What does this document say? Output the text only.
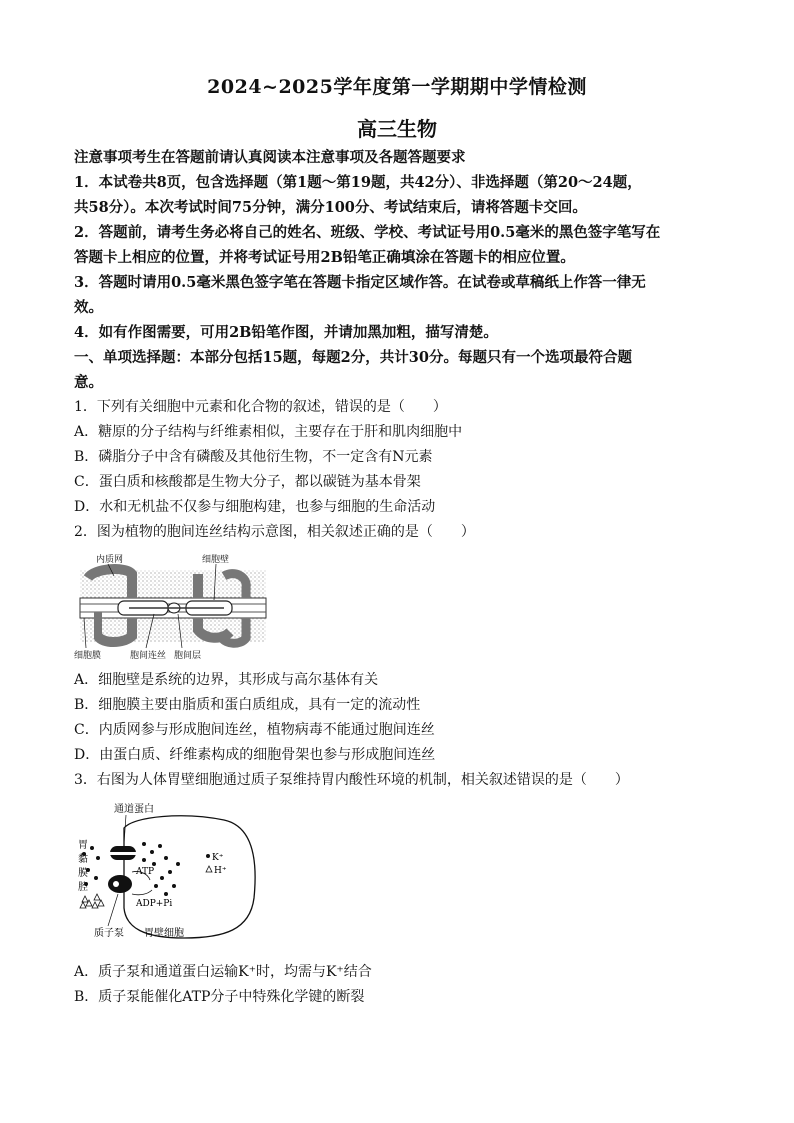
2024~2025学年度第一学期期中学情检测
高三生物
注意事项考生在答题前请认真阅读本注意事项及各题答题要求
1．本试卷共8页，包含选择题（第1题～第19题，共42分）、非选择题（第20～24题，
共58分）。本次考试时间75分钟，满分100分、考试结束后，请将答题卡交回。
2．答题前，请考生务必将自己的姓名、班级、学校、考试证号用0.5毫米的黑色签字笔写在
答题卡上相应的位置，并将考试证号用2B铅笔正确填涂在答题卡的相应位置。
3．答题时请用0.5毫米黑色签字笔在答题卡指定区域作答。在试卷或草稿纸上作答一律无
效。
4．如有作图需要，可用2B铅笔作图，并请加黑加粗，描写清楚。
一、单项选择题：本部分包括15题，每题2分，共计30分。每题只有一个选项最符合题
意。
1．下列有关细胞中元素和化合物的叙述，错误的是（　　）
A．糖原的分子结构与纤维素相似，主要存在于肝和肌肉细胞中
B．磷脂分子中含有磷酸及其他衍生物，不一定含有N元素
C．蛋白质和核酸都是生物大分子，都以碳链为基本骨架
D．水和无机盐不仅参与细胞构建，也参与细胞的生命活动
2．图为植物的胞间连丝结构示意图，相关叙述正确的是（　　）
内质网	细胞壁
细胞膜	胞间连丝 胞间层
A．细胞壁是系统的边界，其形成与高尔基体有关
B．细胞膜主要由脂质和蛋白质组成，具有一定的流动性
C．内质网参与形成胞间连丝，植物病毒不能通过胞间连丝
D．由蛋白质、纤维素构成的细胞骨架也参与形成胞间连丝
3．右图为人体胃壁细胞通过质子泵维持胃内酸性环境的机制，相关叙述错误的是（　　）
K⁺
H⁺
通道蛋白
胃
黏
膜
腔
ATP
ADP+Pi
质子泵 胃壁细胞
A．质子泵和通道蛋白运输K⁺时，均需与K⁺结合
B．质子泵能催化ATP分子中特殊化学键的断裂
